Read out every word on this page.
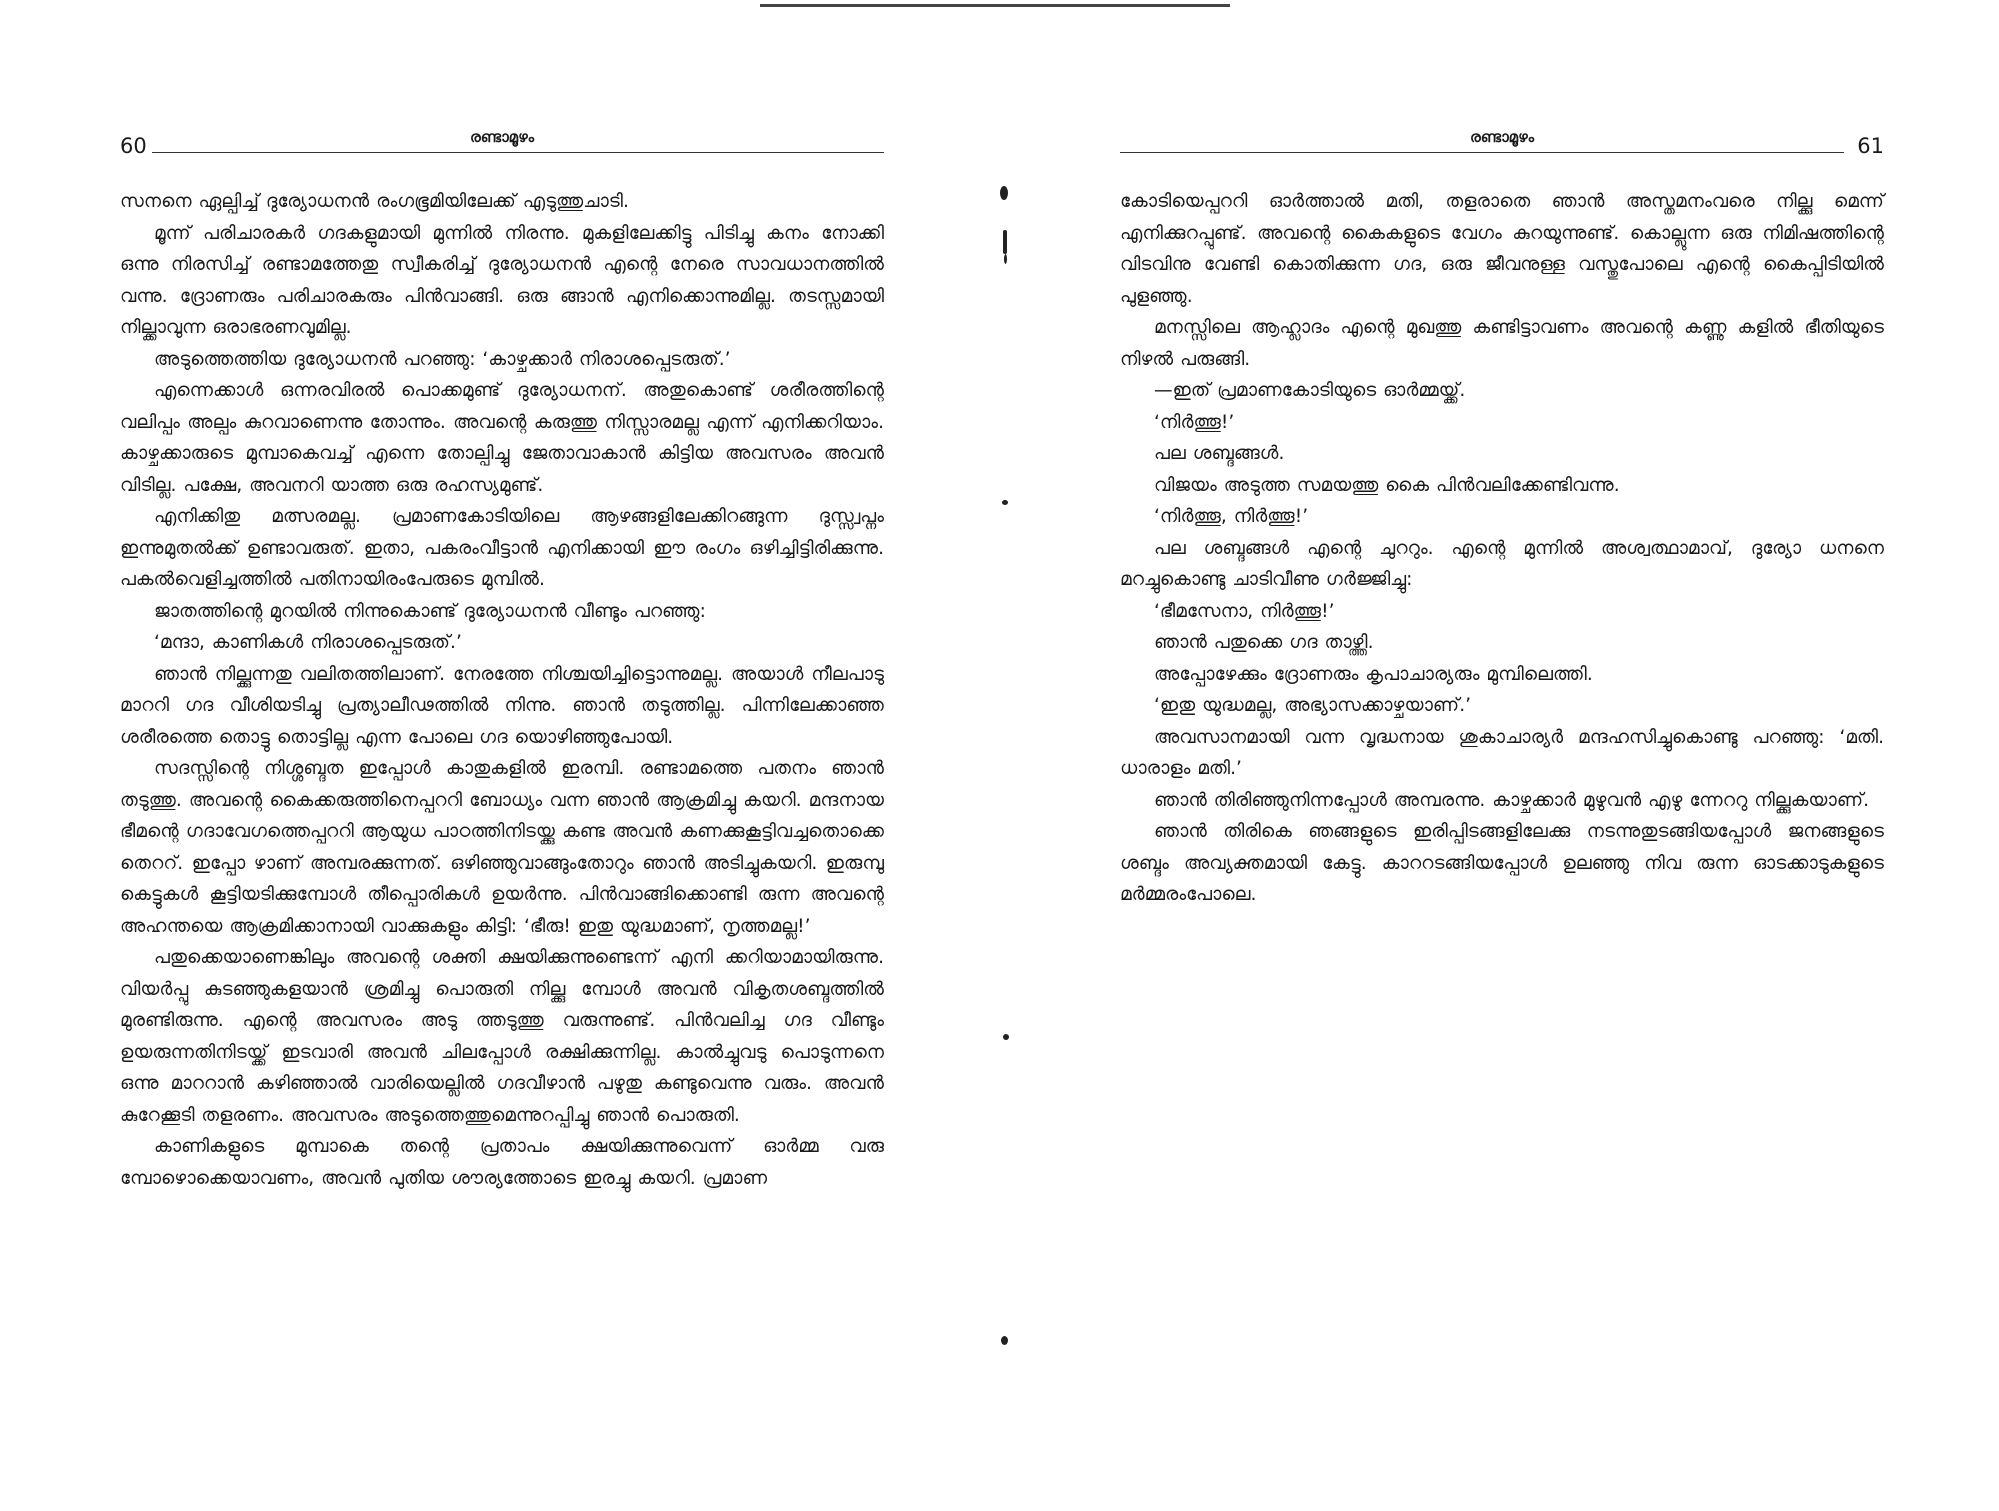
60	രണ്ടാമൂഴം

സനനെ ഏല്പിച്ച് ദുര്യോധനൻ രംഗഭൂമിയിലേക്ക് എടുത്തുചാടി.

മൂന്ന് പരിചാരകർ ഗദകളുമായി മുന്നിൽ നിരന്നു. മുകളിലേക്കിട്ടു പിടിച്ചു കനം നോക്കി ഒന്നു നിരസിച്ച് രണ്ടാമത്തേതു സ്വീകരിച്ച് ദുര്യോധനൻ എന്റെ നേരെ സാവധാനത്തിൽ വന്നു. ദ്രോണരും പരിചാരകരും പിൻവാങ്ങി. ഒരു ങ്ങാൻ എനിക്കൊന്നുമില്ല. തടസ്സമായി നില്ക്കാവുന്ന ഒരാഭരണവുമില്ല.

അടുത്തെത്തിയ ദുര്യോധനൻ പറഞ്ഞു: ‘കാഴ്ചക്കാർ നിരാശപ്പെടരുത്.’

എന്നെക്കാൾ ഒന്നരവിരൽ പൊക്കമുണ്ട് ദുര്യോധനന്. അതുകൊണ്ട് ശരീരത്തിന്റെ വലിപ്പം അല്പം കുറവാണെന്നു തോന്നും. അവന്റെ കരുത്തു നിസ്സാരമല്ല എന്ന് എനിക്കറിയാം. കാഴ്ചക്കാരുടെ മുമ്പാകെവച്ച് എന്നെ തോല്പിച്ചു ജേതാവാകാൻ കിട്ടിയ അവസരം അവൻ വിടില്ല. പക്ഷേ, അവനറി യാത്ത ഒരു രഹസ്യമുണ്ട്.

എനിക്കിതു മത്സരമല്ല. പ്രമാണകോടിയിലെ ആഴങ്ങളിലേക്കിറങ്ങുന്ന ദുസ്സ്വപ്നം ഇന്നുമുതൽക്ക് ഉണ്ടാവരുത്. ഇതാ, പകരംവീട്ടാൻ എനിക്കായി ഈ രംഗം ഒഴിച്ചിട്ടിരിക്കുന്നു. പകൽവെളിച്ചത്തിൽ പതിനായിരംപേരുടെ മുമ്പിൽ.

ജാതത്തിന്റെ മുറയിൽ നിന്നുകൊണ്ട് ദുര്യോധനൻ വീണ്ടും പറഞ്ഞു:

‘മന്ദാ, കാണികൾ നിരാശപ്പെടരുത്.’

ഞാൻ നില്ക്കുന്നതു വലിതത്തിലാണ്. നേരത്തേ നിശ്ചയിച്ചിട്ടൊന്നുമല്ല. അയാൾ നീലപാടു മാററി ഗദ വീശിയടിച്ചു പ്രത്യാലീഢത്തിൽ നിന്നു. ഞാൻ തടുത്തില്ല. പിന്നിലേക്കാഞ്ഞ ശരീരത്തെ തൊട്ടു തൊട്ടില്ല എന്ന പോലെ ഗദ യൊഴിഞ്ഞുപോയി.

സദസ്സിന്റെ നിശ്ശബ്ദത ഇപ്പോൾ കാതുകളിൽ ഇരമ്പി. രണ്ടാമത്തെ പതനം ഞാൻ തടുത്തു. അവന്റെ കൈക്കരുത്തിനെപ്പററി ബോധ്യം വന്ന ഞാൻ ആക്രമിച്ചു കയറി. മന്ദനായ ഭീമന്റെ ഗദാവേഗത്തെപ്പററി ആയുധ പാഠത്തിനിടയ്ക്കു കണ്ട അവൻ കണക്കുകൂട്ടിവച്ചതൊക്കെ തെററ്. ഇപ്പോ ഴാണ് അമ്പരക്കുന്നത്. ഒഴിഞ്ഞുവാങ്ങുംതോറും ഞാൻ അടിച്ചുകയറി. ഇരുമ്പു കെട്ടുകൾ കൂട്ടിയടിക്കുമ്പോൾ തീപ്പൊരികൾ ഉയർന്നു. പിൻവാങ്ങിക്കൊണ്ടി രുന്ന അവന്റെ അഹന്തയെ ആക്രമിക്കാനായി വാക്കുകളും കിട്ടി: ‘ഭീരു! ഇതു യുദ്ധമാണ്, നൃത്തമല്ല!’

പതുക്കെയാണെങ്കിലും അവന്റെ ശക്തി ക്ഷയിക്കുന്നുണ്ടെന്ന് എനി ക്കറിയാമായിരുന്നു. വിയർപ്പു കുടഞ്ഞുകളയാൻ ശ്രമിച്ചു പൊരുതി നില്ക്കു മ്പോൾ അവൻ വികൃതശബ്ദത്തിൽ മുരണ്ടിരുന്നു. എന്റെ അവസരം അടു ത്തടുത്തു വരുന്നുണ്ട്. പിൻവലിച്ച ഗദ വീണ്ടും ഉയരുന്നതിനിടയ്ക്ക് ഇടവാരി അവൻ ചിലപ്പോൾ രക്ഷിക്കുന്നില്ല. കാൽച്ചുവടു പൊടുന്നനെ ഒന്നു മാററാൻ കഴിഞ്ഞാൽ വാരിയെല്ലിൽ ഗദവീഴാൻ പഴുതു കണ്ടുവെന്നു വരും. അവൻ കുറേക്കൂടി തളരണം. അവസരം അടുത്തെത്തുമെന്നുറപ്പിച്ചു ഞാൻ പൊരുതി.

കാണികളുടെ മുമ്പാകെ തന്റെ പ്രതാപം ക്ഷയിക്കുന്നുവെന്ന് ഓർമ്മ വരു മ്പോഴൊക്കെയാവണം, അവൻ പുതിയ ശൗര്യത്തോടെ ഇരച്ചു കയറി. പ്രമാണ

രണ്ടാമൂഴം	61

കോടിയെപ്പററി ഓർത്താൽ മതി, തളരാതെ ഞാൻ അസ്തമനംവരെ നില്ക്കു മെന്ന് എനിക്കുറപ്പുണ്ട്. അവന്റെ കൈകളുടെ വേഗം കുറയുന്നുണ്ട്. കൊല്ലുന്ന ഒരു നിമിഷത്തിന്റെ വിടവിനു വേണ്ടി കൊതിക്കുന്ന ഗദ, ഒരു ജീവനുള്ള വസ്തുപോലെ എന്റെ കൈപ്പിടിയിൽ പുളഞ്ഞു.

മനസ്സിലെ ആഹ്ലാദം എന്റെ മുഖത്തു കണ്ടിട്ടാവണം അവന്റെ കണ്ണു കളിൽ ഭീതിയുടെ നിഴൽ പരുങ്ങി.

—ഇത് പ്രമാണകോടിയുടെ ഓർമ്മയ്ക്ക്.

‘നിർത്തൂ!’

പല ശബ്ദങ്ങൾ.

വിജയം അടുത്ത സമയത്തു കൈ പിൻവലിക്കേണ്ടിവന്നു.

‘നിർത്തൂ, നിർത്തൂ!’

പല ശബ്ദങ്ങൾ എന്റെ ചുററും. എന്റെ മുന്നിൽ അശ്വത്ഥാമാവ്, ദുര്യോ ധനനെ മറച്ചുകൊണ്ടു ചാടിവീണു ഗർജ്ജിച്ചു:

‘ഭീമസേനാ, നിർത്തൂ!’

ഞാൻ പതുക്കെ ഗദ താഴ്ത്തി.

അപ്പോഴേക്കും ദ്രോണരും കൃപാചാര്യരും മുമ്പിലെത്തി.

‘ഇതു യുദ്ധമല്ല, അഭ്യാസക്കാഴ്ചയാണ്.’

അവസാനമായി വന്ന വൃദ്ധനായ ശുകാചാര്യർ മന്ദഹസിച്ചുകൊണ്ടു പറഞ്ഞു: ‘മതി. ധാരാളം മതി.’

ഞാൻ തിരിഞ്ഞുനിന്നപ്പോൾ അമ്പരന്നു. കാഴ്ചക്കാർ മുഴുവൻ എഴു ന്നേററു നില്ക്കുകയാണ്.

ഞാൻ തിരികെ ഞങ്ങളുടെ ഇരിപ്പിടങ്ങളിലേക്കു നടന്നുതുടങ്ങിയപ്പോൾ ജനങ്ങളുടെ ശബ്ദം അവ്യക്തമായി കേട്ടു. കാററടങ്ങിയപ്പോൾ ഉലഞ്ഞു നിവ രുന്ന ഓടക്കാടുകളുടെ മർമ്മരംപോലെ.
